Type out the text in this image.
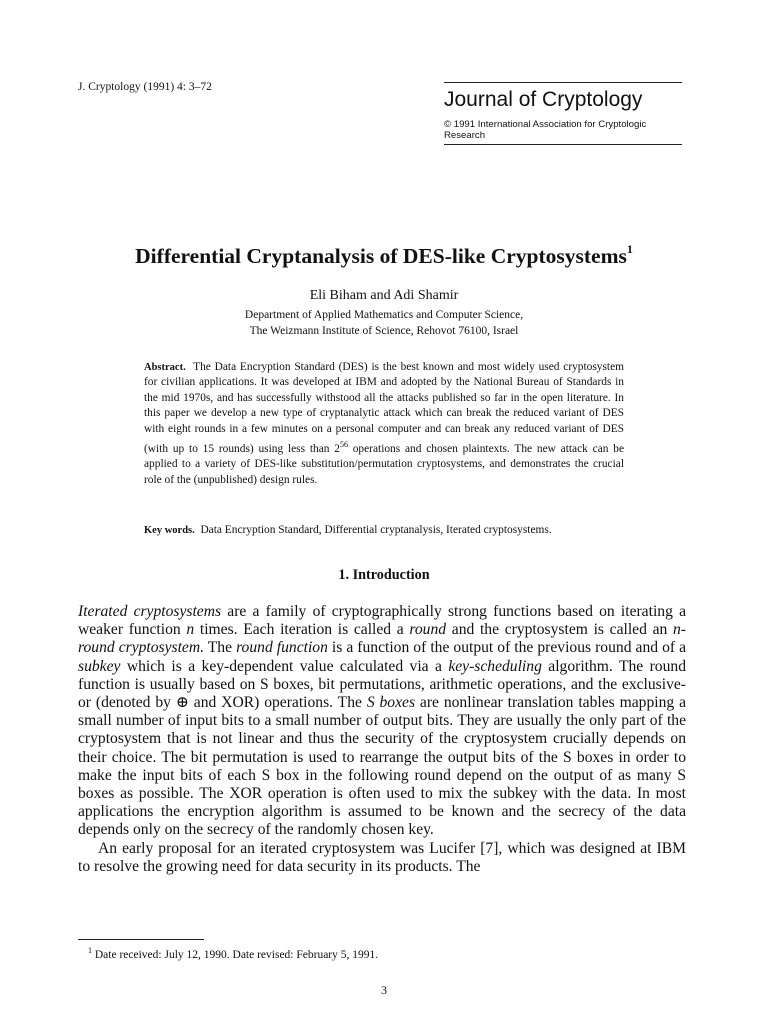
J. Cryptology (1991) 4: 3–72
Journal of Cryptology
© 1991 International Association for Cryptologic Research
Differential Cryptanalysis of DES-like Cryptosystems$^1$
Eli Biham and Adi Shamir
Department of Applied Mathematics and Computer Science,
The Weizmann Institute of Science, Rehovot 76100, Israel
Abstract. The Data Encryption Standard (DES) is the best known and most widely used cryptosystem for civilian applications. It was developed at IBM and adopted by the National Bureau of Standards in the mid 1970s, and has successfully withstood all the attacks published so far in the open literature. In this paper we develop a new type of cryptanalytic attack which can break the reduced variant of DES with eight rounds in a few minutes on a personal computer and can break any reduced variant of DES (with up to 15 rounds) using less than $2^{56}$ operations and chosen plaintexts. The new attack can be applied to a variety of DES-like substitution/permutation cryptosystems, and demonstrates the crucial role of the (unpublished) design rules.
Key words. Data Encryption Standard, Differential cryptanalysis, Iterated cryptosystems.
1. Introduction

Iterated cryptosystems are a family of cryptographically strong functions based on iterating a weaker function n times. Each iteration is called a round and the cryptosystem is called an n-round cryptosystem. The round function is a function of the output of the previous round and of a subkey which is a key-dependent value calculated via a key-scheduling algorithm. The round function is usually based on S boxes, bit permutations, arithmetic operations, and the exclusive-or (denoted by ⊕ and XOR) operations. The S boxes are nonlinear translation tables mapping a small number of input bits to a small number of output bits. They are usually the only part of the cryptosystem that is not linear and thus the security of the cryptosystem crucially depends on their choice. The bit permutation is used to rearrange the output bits of the S boxes in order to make the input bits of each S box in the following round depend on the output of as many S boxes as possible. The XOR operation is often used to mix the subkey with the data. In most applications the encryption algorithm is assumed to be known and the secrecy of the data depends only on the secrecy of the randomly chosen key.

An early proposal for an iterated cryptosystem was Lucifer [7], which was designed at IBM to resolve the growing need for data security in its products. The

$^1$ Date received: July 12, 1990. Date revised: February 5, 1991.
3
